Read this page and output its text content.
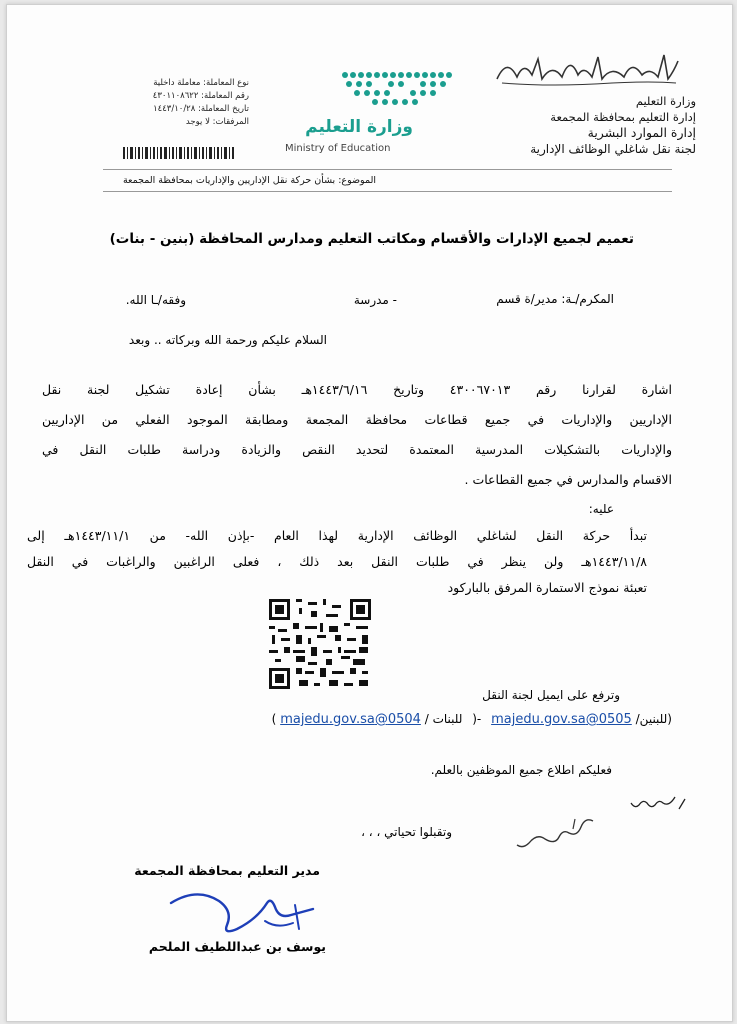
وزارة التعليم
إدارة التعليم بمحافظة المجمعة
إدارة الموارد البشرية
لجنة نقل شاغلي الوظائف الإدارية
وزارة التعليم
Ministry of Education
نوع المعاملة: معاملة داخلية
رقم المعاملة: ٤٣٠١١٠٨٦٢٢
تاريخ المعاملة: ١٤٤٣/١٠/٢٨
المرفقات: لا يوجد
الموضوع: بشأن حركة نقل الإداريين والإداريات بمحافظة المجمعة
تعميم لجميع الإدارات والأقسام ومكاتب التعليم ومدارس المحافظة (بنين - بنات)
المكرم/ـة: مدير/ة قسم
- مدرسة
وفقه/ـا الله.
السلام عليكم ورحمة الله وبركاته .. وبعد
اشارة لقرارنا رقم ٤٣٠٠٦٧٠١٣ وتاريخ ١٤٤٣/٦/١٦هـ بشأن إعادة تشكيل لجنة نقل
الإداريين والإداريات في جميع قطاعات محافظة المجمعة ومطابقة الموجود الفعلي من الإداريين
والإداريات بالتشكيلات المدرسية المعتمدة لتحديد النقص والزيادة ودراسة طلبات النقل في
الاقسام والمدارس في جميع القطاعات .
عليه:
تبدأ حركة النقل لشاغلي الوظائف الإدارية لهذا العام -بإذن الله- من ١٤٤٣/١١/١هـ إلى
١٤٤٣/١١/٨هـ ولن ينظر في طلبات النقل بعد ذلك ، فعلى الراغبين والراغبات في النقل
تعبئة نموذج الاستمارة المرفق بالباركود
وترفع على ايميل لجنة النقل
(للبنين/ 0505@majedu.gov.sa -( للبنات / 0504@majedu.gov.sa )
فعليكم اطلاع جميع الموظفين بالعلم.
وتقبلوا تحياتي ، ، ،
مدير التعليم بمحافظة المجمعة
يوسف بن عبداللطيف الملحم
